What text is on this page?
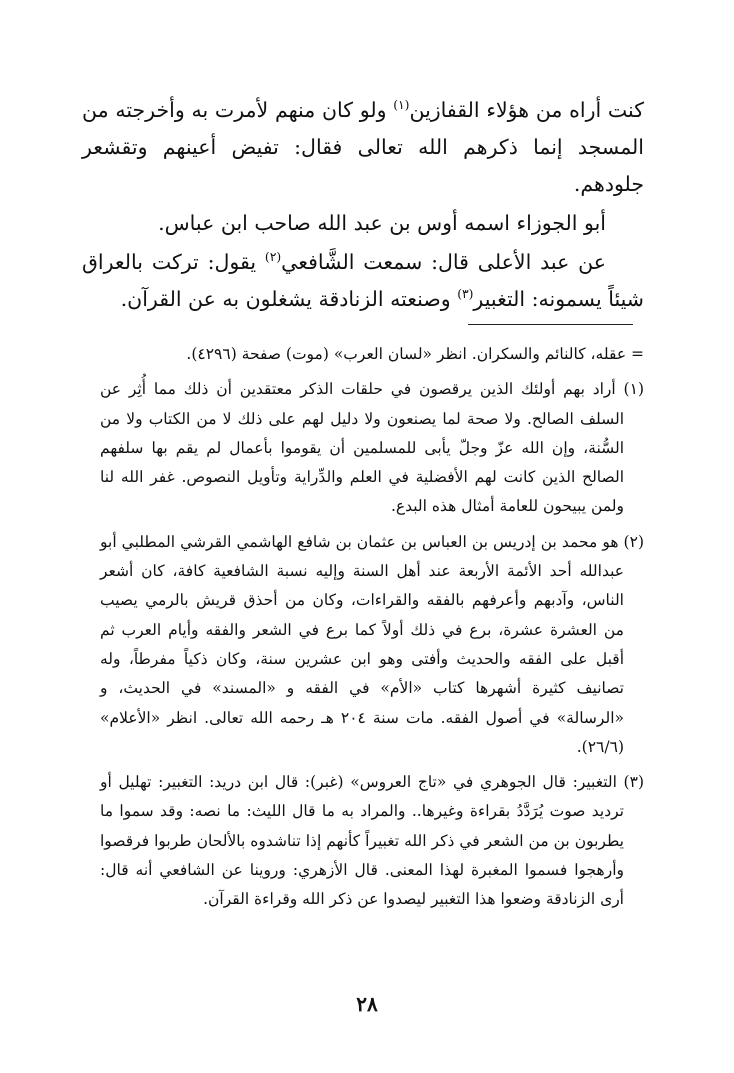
كنت أراه من هؤلاء القفازين$^{(١)}$ ولو كان منهم لأمرت به وأخرجته من المسجد إنما ذكرهم الله تعالى فقال: تفيض أعينهم وتقشعر جلودهم.

أبو الجوزاء اسمه أوس بن عبد الله صاحب ابن عباس.

عن عبد الأعلى قال: سمعت الشَّافعي$^{(٢)}$ يقول: تركت بالعراق شيئاً يسمونه: التغبير$^{(٣)}$ وصنعته الزنادقة يشغلون به عن القرآن.

= عقله، كالنائم والسكران. انظر «لسان العرب» (موت) صفحة (٤٢٩٦).

(١) أراد بهم أولئك الذين يرقصون في حلقات الذكر معتقدين أن ذلك مما أُثِر عن السلف الصالح. ولا صحة لما يصنعون ولا دليل لهم على ذلك لا من الكتاب ولا من السُّنة، وإن الله عزّ وجلّ يأبى للمسلمين أن يقوموا بأعمال لم يقم بها سلفهم الصالح الذين كانت لهم الأفضلية في العلم والدِّراية وتأويل النصوص. غفر الله لنا ولمن يبيحون للعامة أمثال هذه البدع.

(٢) هو محمد بن إدريس بن العباس بن عثمان بن شافع الهاشمي القرشي المطلبي أبو عبدالله أحد الأئمة الأربعة عند أهل السنة وإليه نسبة الشافعية كافة، كان أشعر الناس، وآدبهم وأعرفهم بالفقه والقراءات، وكان من أحذق قريش بالرمي يصيب من العشرة عشرة، برع في ذلك أولاً كما برع في الشعر والفقه وأيام العرب ثم أقبل على الفقه والحديث وأفتى وهو ابن عشرين سنة، وكان ذكياً مفرطاً، وله تصانيف كثيرة أشهرها كتاب «الأم» في الفقه و «المسند» في الحديث، و «الرسالة» في أصول الفقه. مات سنة ٢٠٤ هـ رحمه الله تعالى. انظر «الأعلام» (٢٦/٦).

(٣) التغبير: قال الجوهري في «تاج العروس» (غبر): قال ابن دريد: التغبير: تهليل أو ترديد صوت يُرَدَّدُ بقراءة وغيرها.. والمراد به ما قال الليث: ما نصه: وقد سموا ما يطربون بن من الشعر في ذكر الله تغبيراً كأنهم إذا تناشدوه بالألحان طربوا فرقصوا وأرهجوا فسموا المغبرة لهذا المعنى. قال الأزهري: وروينا عن الشافعي أنه قال: أرى الزنادقة وضعوا هذا التغبير ليصدوا عن ذكر الله وقراءة القرآن.

٢٨
